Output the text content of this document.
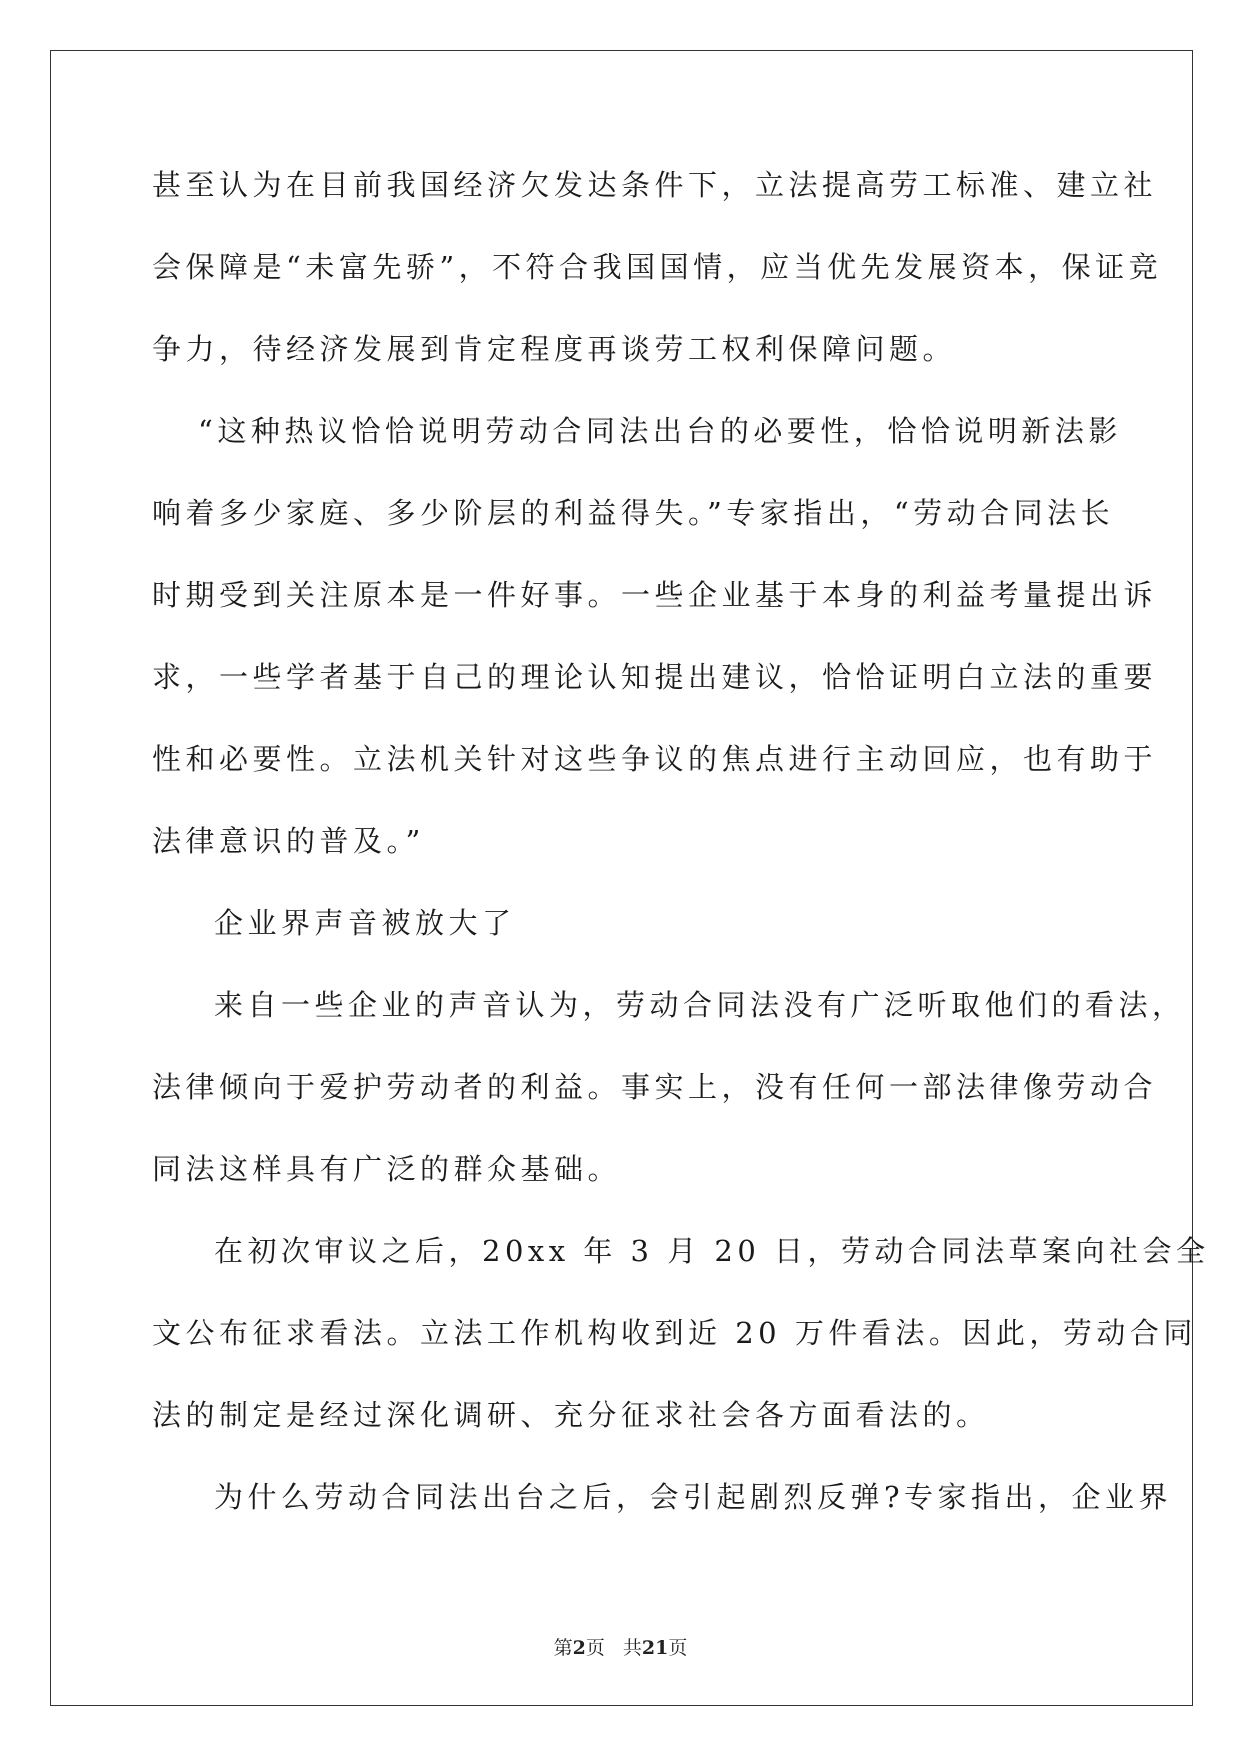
甚至认为在目前我国经济欠发达条件下，立法提高劳工标准、建立社
会保障是“未富先骄”，不符合我国国情，应当优先发展资本，保证竞
争力，待经济发展到肯定程度再谈劳工权利保障问题。
“这种热议恰恰说明劳动合同法出台的必要性，恰恰说明新法影
响着多少家庭、多少阶层的利益得失。”专家指出，“劳动合同法长
时期受到关注原本是一件好事。一些企业基于本身的利益考量提出诉
求，一些学者基于自己的理论认知提出建议，恰恰证明白立法的重要
性和必要性。立法机关针对这些争议的焦点进行主动回应，也有助于
法律意识的普及。”
企业界声音被放大了
来自一些企业的声音认为，劳动合同法没有广泛听取他们的看法，
法律倾向于爱护劳动者的利益。事实上，没有任何一部法律像劳动合
同法这样具有广泛的群众基础。
在初次审议之后，20xx 年 3 月 20 日，劳动合同法草案向社会全
文公布征求看法。立法工作机构收到近 20 万件看法。因此，劳动合同
法的制定是经过深化调研、充分征求社会各方面看法的。
为什么劳动合同法出台之后，会引起剧烈反弹?专家指出，企业界
第2页 共21页
